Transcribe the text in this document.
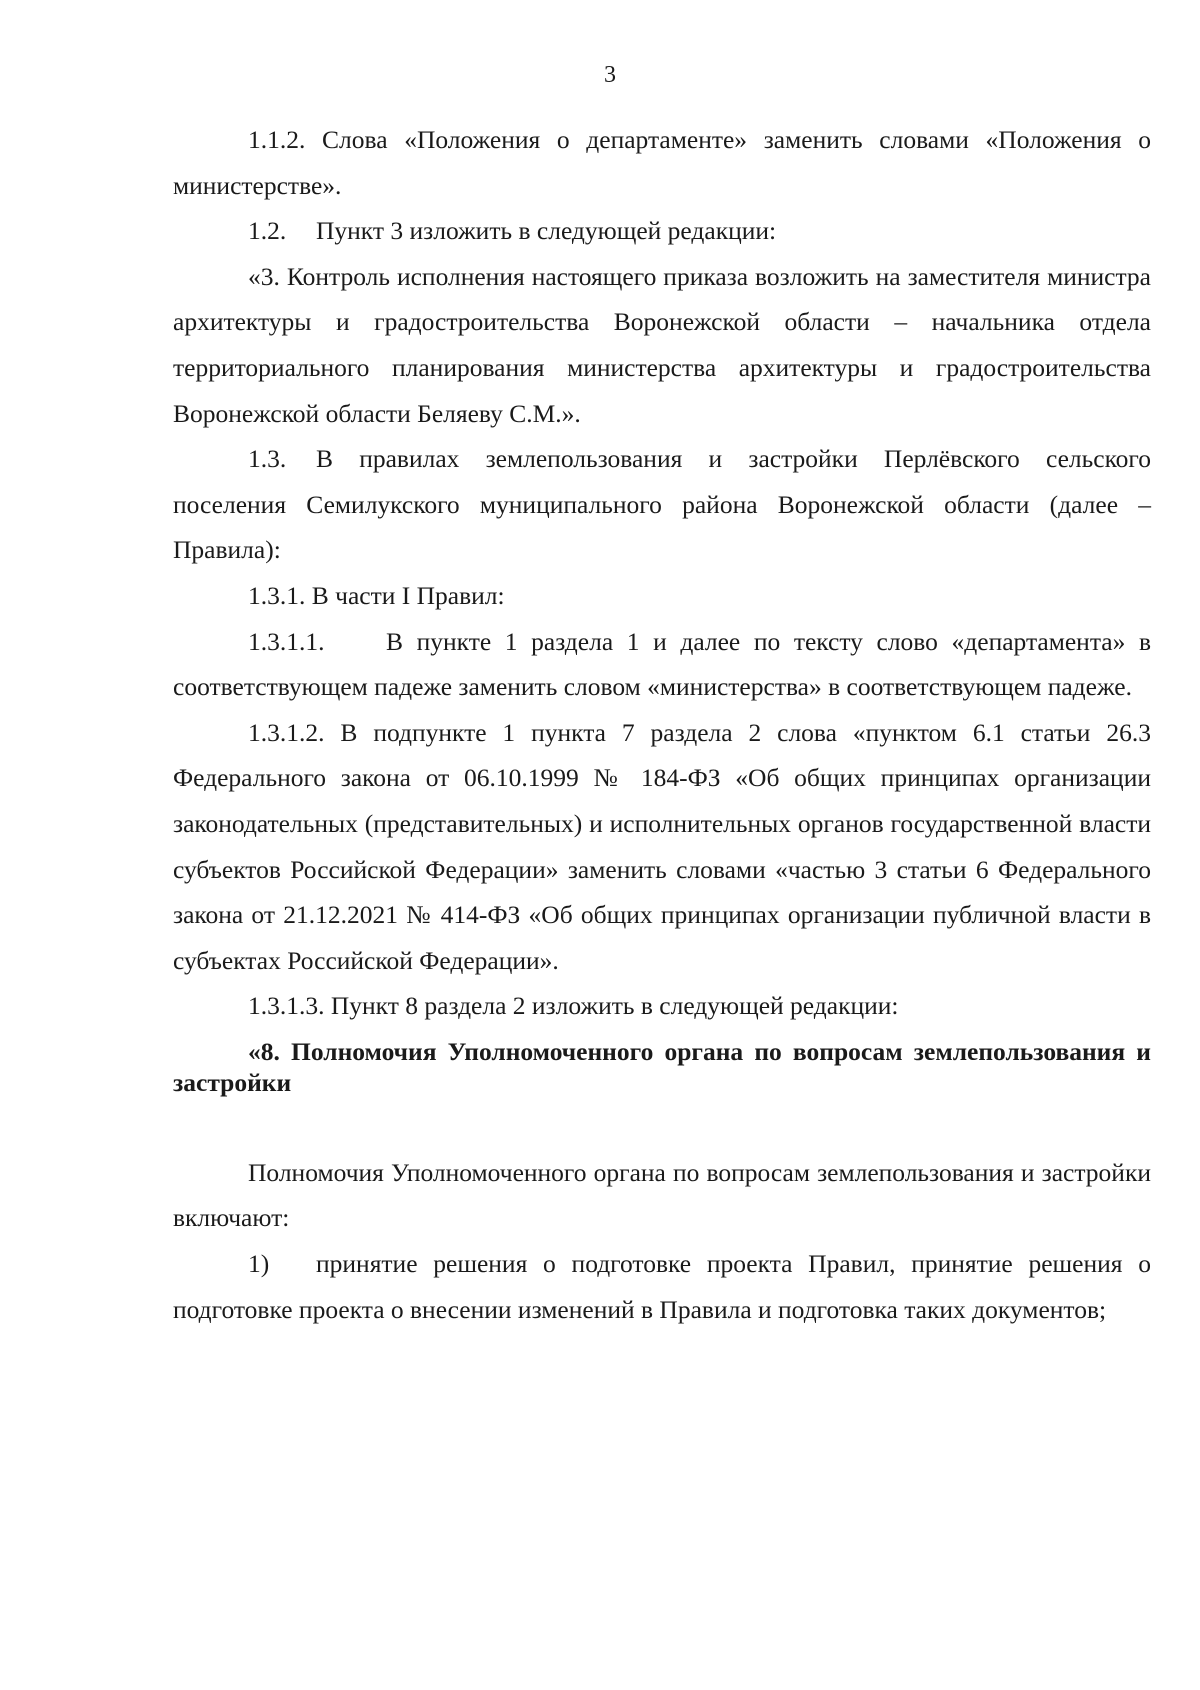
3

1.1.2. Слова «Положения о департаменте» заменить словами «Положения о министерстве».

1.2. Пункт 3 изложить в следующей редакции:

«3. Контроль исполнения настоящего приказа возложить на заместителя министра архитектуры и градостроительства Воронежской области – начальника отдела территориального планирования министерства архитектуры и градостроительства Воронежской области Беляеву С.М.».

1.3. В правилах землепользования и застройки Перлёвского сельского поселения Семилукского муниципального района Воронежской области (далее – Правила):

1.3.1. В части I Правил:

1.3.1.1. В пункте 1 раздела 1 и далее по тексту слово «департамента» в соответствующем падеже заменить словом «министерства» в соответствующем падеже.

1.3.1.2. В подпункте 1 пункта 7 раздела 2 слова «пунктом 6.1 статьи 26.3 Федерального закона от 06.10.1999 № 184-ФЗ «Об общих принципах организации законодательных (представительных) и исполнительных органов государственной власти субъектов Российской Федерации» заменить словами «частью 3 статьи 6 Федерального закона от 21.12.2021 № 414-ФЗ «Об общих принципах организации публичной власти в субъектах Российской Федерации».

1.3.1.3. Пункт 8 раздела 2 изложить в следующей редакции:

«8. Полномочия Уполномоченного органа по вопросам землепользования и застройки

Полномочия Уполномоченного органа по вопросам землепользования и застройки включают:

1) принятие решения о подготовке проекта Правил, принятие решения о подготовке проекта о внесении изменений в Правила и подготовка таких документов;
